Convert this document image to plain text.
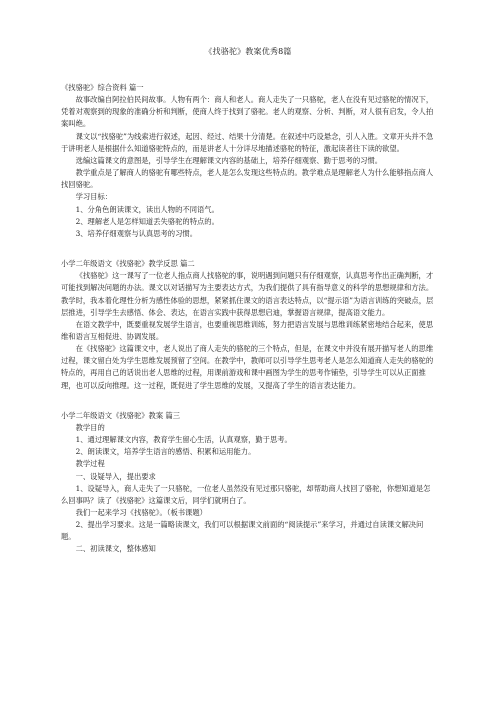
《找骆驼》教案优秀8篇

《找骆驼》综合资料 篇一

故事改编自阿拉伯民间故事。人物有两个：商人和老人。商人走失了一只骆驼，老人在没有见过骆驼的情况下，凭着对观察到的现象的准确分析和判断，使商人终于找到了骆驼。老人的观察、分析、判断，对人很有启发，令人拍案叫绝。

课文以“找骆驼”为线索进行叙述，起因、经过、结果十分清楚。在叙述中巧设悬念，引人入胜。文章开头并不急于讲明老人是根据什么知道骆驼特点的，而是讲老人十分详尽地描述骆驼的特征，激起读者往下读的欲望。

选编这篇课文的意图是，引导学生在理解课文内容的基础上，培养仔细观察、勤于思考的习惯。

教学重点是了解商人的骆驼有哪些特点，老人是怎么发现这些特点的。教学难点是理解老人为什么能够指点商人找回骆驼。

学习目标：

1、分角色朗读课文，读出人物的不同语气。

2、理解老人是怎样知道丢失骆驼的特点的。

3、培养仔细观察与认真思考的习惯。

小学二年级语文《找骆驼》教学反思 篇二

《找骆驼》这一课写了一位老人指点商人找骆驼的事，说明遇到问题只有仔细观察，认真思考作出正确判断，才可能找到解决问题的办法。课文以对话描写为主要表达方式，为我们提供了具有指导意义的科学的思想规律和方法。教学时，我本着化理性分析为感性体验的思想，紧紧抓住课文的语言表达特点，以“提示语”为语言训练的突破点，层层推进，引导学生去感悟、体会、表达，在语言实践中获得思想启迪，掌握语言规律，提高语文能力。

在语文教学中，既要重视发展学生语言，也要重视思维训练，努力把语言发展与思维训练紧密地结合起来，使思维和语言互相促进、协调发展。

在《找骆驼》这篇课文中，老人说出了商人走失的骆驼的三个特点，但是，在课文中并没有展开描写老人的思维过程，课文留白处为学生思维发展预留了空间。在教学中，教师可以引导学生思考老人是怎么知道商人走失的骆驼的特点的，再用自己的话说出老人思维的过程，用课前游戏和课中画图为学生的思考作铺垫，引导学生可以从正面推理，也可以反向推理。这一过程，既促进了学生思维的发展，又提高了学生的语言表达能力。

小学二年级语文《找骆驼》教案 篇三

教学目的

1、通过理解课文内容，教育学生留心生活，认真观察，勤于思考。

2、朗读课文，培养学生语言的感悟、积累和运用能力。

教学过程

一、设疑导入，提出要求

1、设疑导入，商人走失了一只骆驼，一位老人虽然没有见过那只骆驼，却帮助商人找回了骆驼，你想知道是怎么回事吗？读了《找骆驼》这篇课文后，同学们就明白了。

我们一起来学习《找骆驼》。（板书课题）

2、提出学习要求。这是一篇略读课文，我们可以根据课文前面的“阅读提示”来学习，并通过自读课文解决问题。

二、初读课文，整体感知
